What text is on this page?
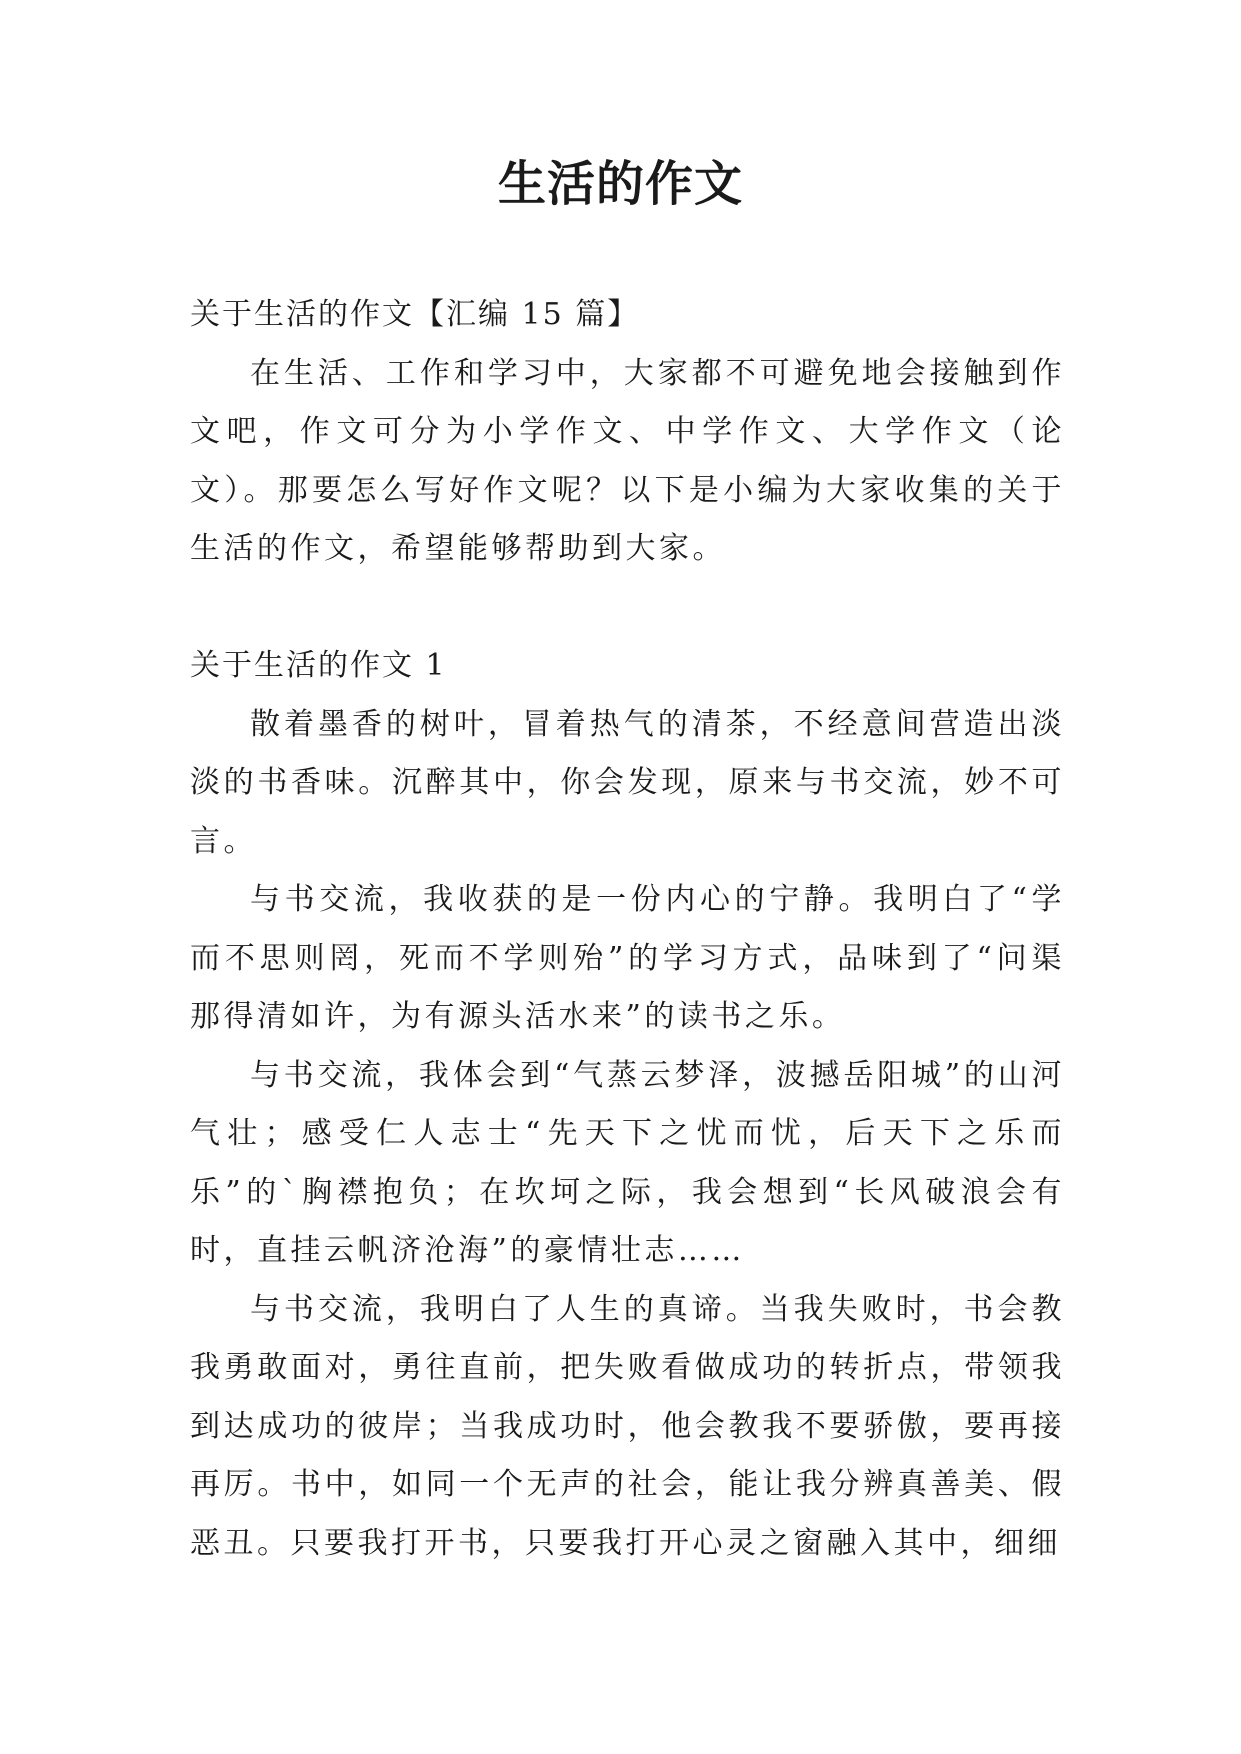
生活的作文

关于生活的作文【汇编 15 篇】

在生活、工作和学习中，大家都不可避免地会接触到作文吧，作文可分为小学作文、中学作文、大学作文（论文）。那要怎么写好作文呢？以下是小编为大家收集的关于生活的作文，希望能够帮助到大家。

关于生活的作文 1

散着墨香的树叶，冒着热气的清茶，不经意间营造出淡淡的书香味。沉醉其中，你会发现，原来与书交流，妙不可言。

与书交流，我收获的是一份内心的宁静。我明白了“学而不思则罔，死而不学则殆”的学习方式，品味到了“问渠那得清如许，为有源头活水来”的读书之乐。

与书交流，我体会到“气蒸云梦泽，波撼岳阳城”的山河气壮；感受仁人志士“先天下之忧而忧，后天下之乐而乐”的`胸襟抱负；在坎坷之际，我会想到“长风破浪会有时，直挂云帆济沧海”的豪情壮志……

与书交流，我明白了人生的真谛。当我失败时，书会教我勇敢面对，勇往直前，把失败看做成功的转折点，带领我到达成功的彼岸；当我成功时，他会教我不要骄傲，要再接再厉。书中，如同一个无声的社会，能让我分辨真善美、假恶丑。只要我打开书，只要我打开心灵之窗融入其中，细细
